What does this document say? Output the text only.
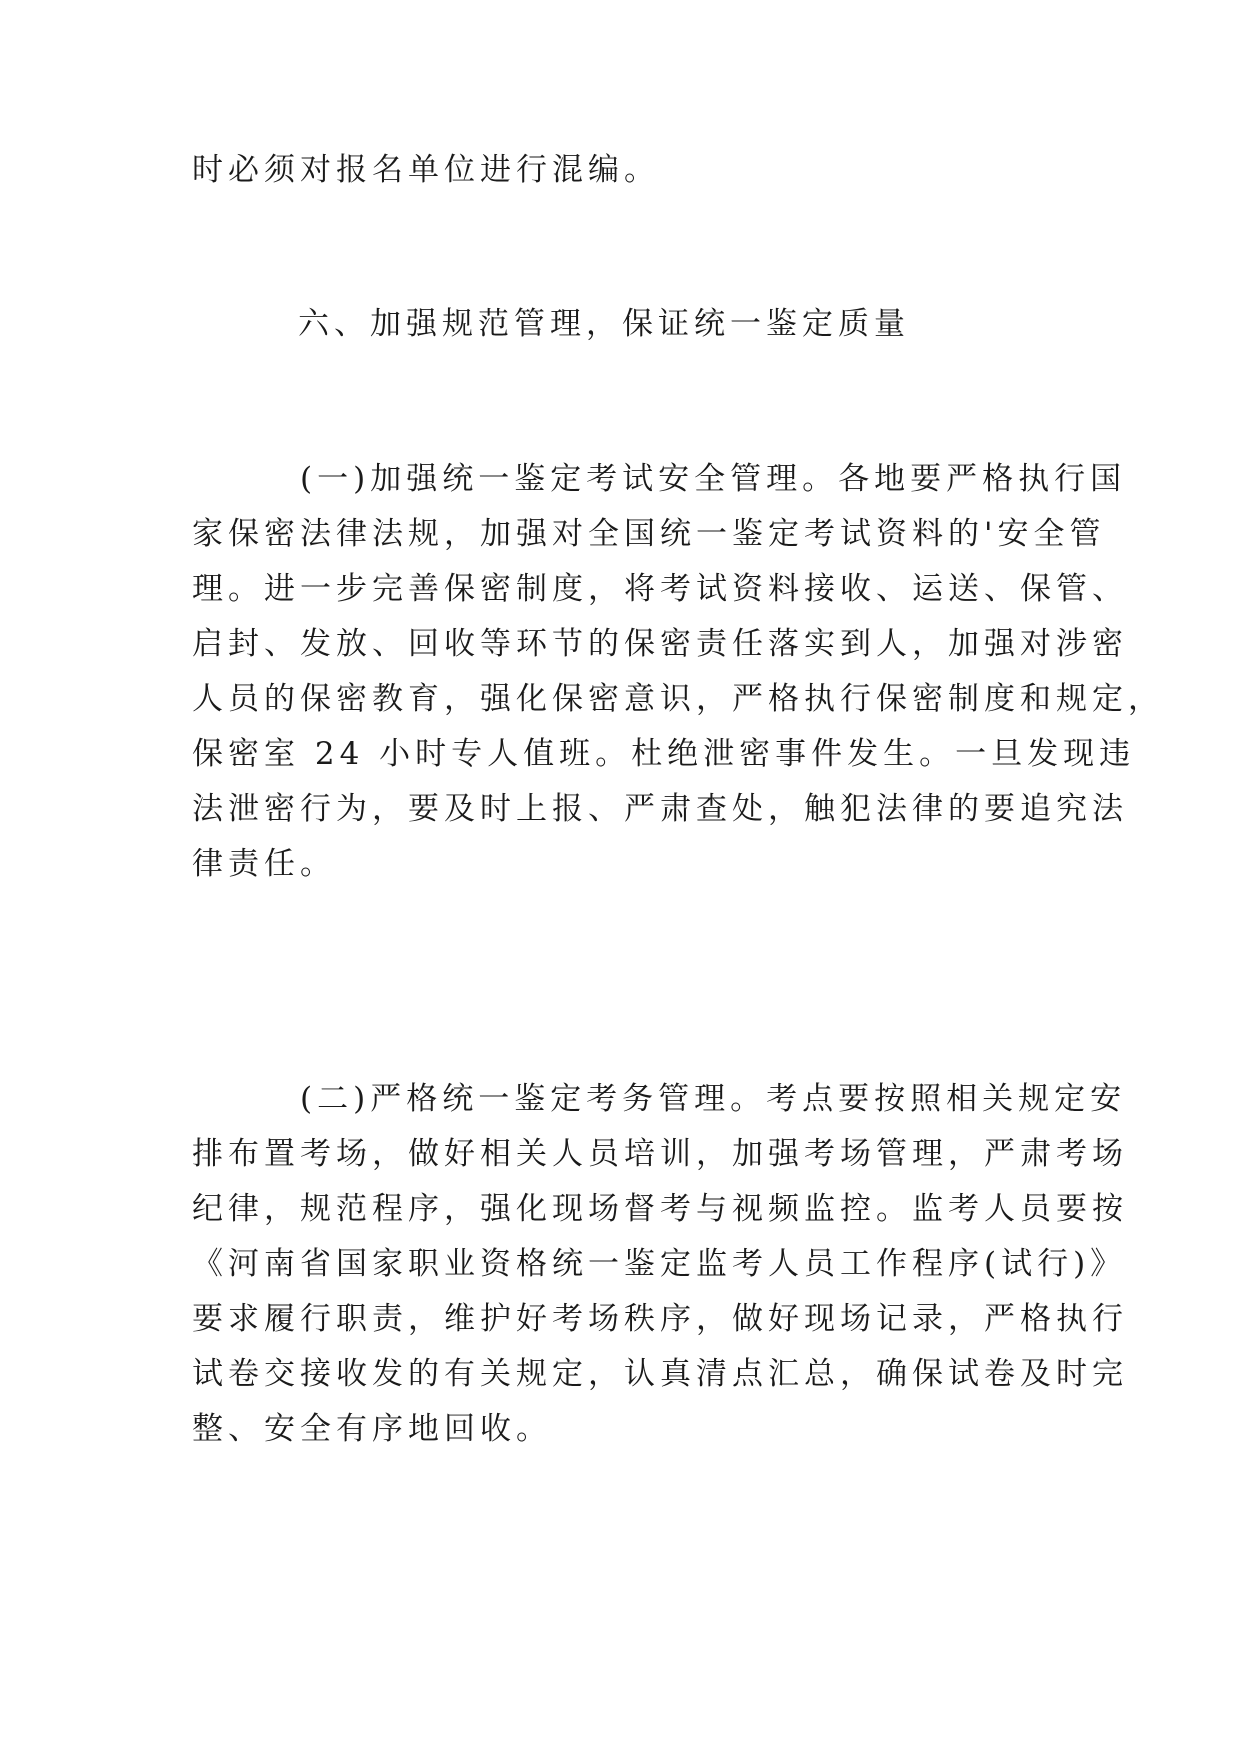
时必须对报名单位进行混编。
六、加强规范管理，保证统一鉴定质量
　　　(一)加强统一鉴定考试安全管理。各地要严格执行国
家保密法律法规，加强对全国统一鉴定考试资料的'安全管
理。进一步完善保密制度，将考试资料接收、运送、保管、
启封、发放、回收等环节的保密责任落实到人，加强对涉密
人员的保密教育，强化保密意识，严格执行保密制度和规定，
保密室 24 小时专人值班。杜绝泄密事件发生。一旦发现违
法泄密行为，要及时上报、严肃查处，触犯法律的要追究法
律责任。
　　　(二)严格统一鉴定考务管理。考点要按照相关规定安
排布置考场，做好相关人员培训，加强考场管理，严肃考场
纪律，规范程序，强化现场督考与视频监控。监考人员要按
《河南省国家职业资格统一鉴定监考人员工作程序(试行)》
要求履行职责，维护好考场秩序，做好现场记录，严格执行
试卷交接收发的有关规定，认真清点汇总，确保试卷及时完
整、安全有序地回收。
